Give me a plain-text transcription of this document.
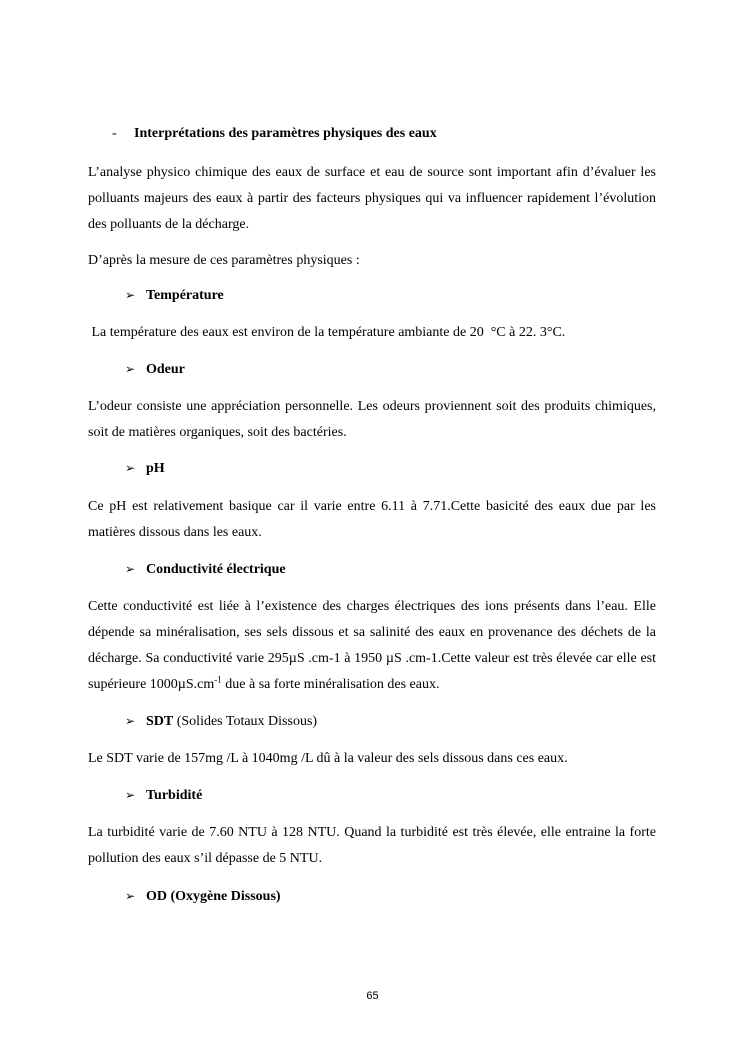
- Interprétations des paramètres physiques des eaux

L’analyse physico chimique des eaux de surface et eau de source sont important afin d’évaluer les polluants majeurs des eaux à partir des facteurs physiques qui va influencer rapidement l’évolution des polluants de la décharge.

D’après la mesure de ces paramètres physiques :

➢ Température

La température des eaux est environ de la température ambiante de 20  °C à 22. 3°C.

➢ Odeur

L’odeur consiste une appréciation personnelle. Les odeurs proviennent soit des produits chimiques, soit de matières organiques, soit des bactéries.

➢ pH

Ce pH est relativement basique car il varie entre 6.11 à 7.71.Cette basicité des eaux due par les matières dissous dans les eaux.

➢ Conductivité électrique

Cette conductivité est liée à l’existence des charges électriques des ions présents dans l’eau. Elle dépende sa minéralisation, ses sels dissous et sa salinité des eaux en provenance des déchets de la décharge. Sa conductivité varie 295µS .cm-1 à 1950 µS .cm-1.Cette valeur est très élevée car elle est supérieure $1000\mu S.cm^{-1}$ due à sa forte minéralisation des eaux.

➢ SDT (Solides Totaux Dissous)

Le SDT varie de 157mg /L à 1040mg /L dû à la valeur des sels dissous dans ces eaux.

➢ Turbidité

La turbidité varie de 7.60 NTU à 128 NTU. Quand la turbidité est très élevée, elle entraine la forte pollution des eaux s’il dépasse de 5 NTU.

➢ OD (Oxygène Dissous)
65
